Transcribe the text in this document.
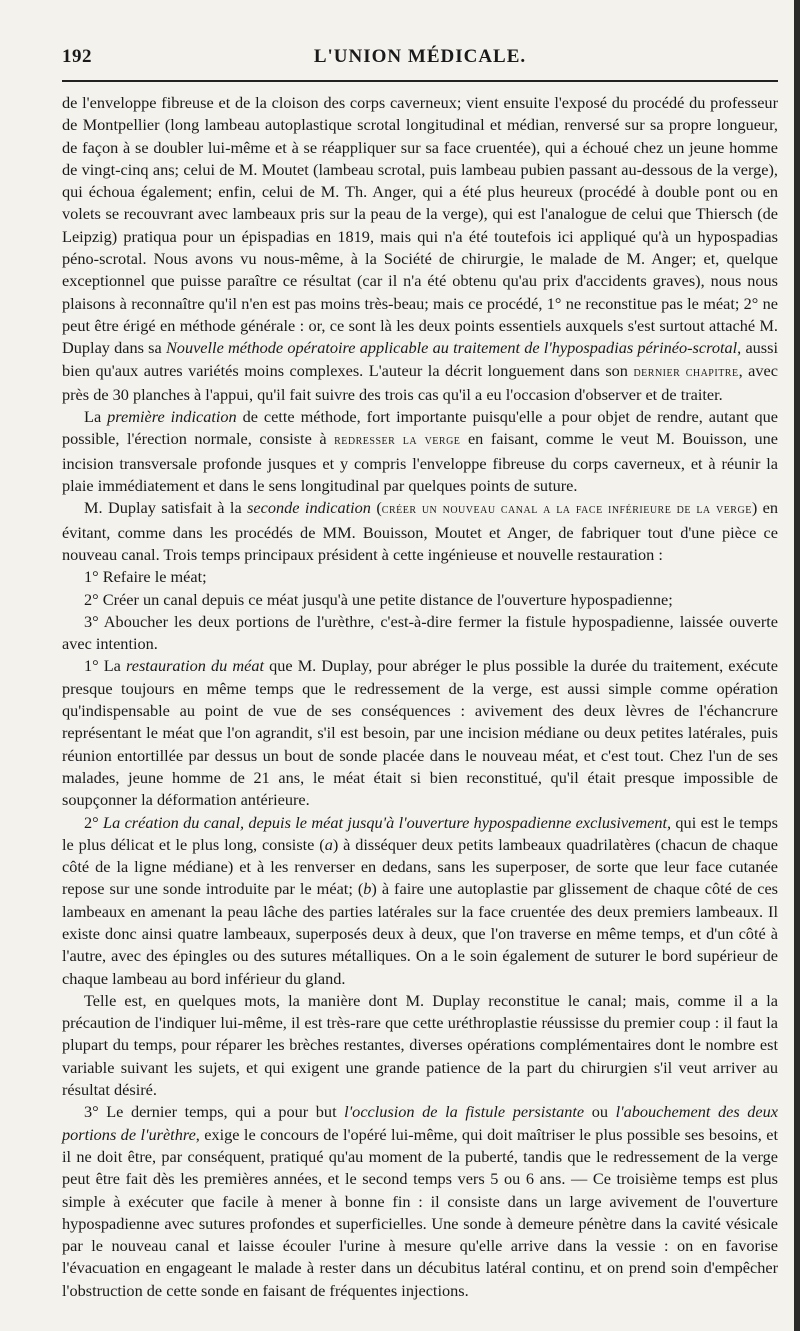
192	L'UNION MÉDICALE.

de l'enveloppe fibreuse et de la cloison des corps caverneux; vient ensuite l'exposé du procédé du professeur de Montpellier (long lambeau autoplastique scrotal longitudinal et médian, renversé sur sa propre longueur, de façon à se doubler lui-même et à se réappliquer sur sa face cruentée), qui a échoué chez un jeune homme de vingt-cinq ans; celui de M. Moutet (lambeau scrotal, puis lambeau pubien passant au-dessous de la verge), qui échoua également; enfin, celui de M. Th. Anger, qui a été plus heureux (procédé à double pont ou en volets se recouvrant avec lambeaux pris sur la peau de la verge), qui est l'analogue de celui que Thiersch (de Leipzig) pratiqua pour un épispadias en 1819, mais qui n'a été toutefois ici appliqué qu'à un hypospadias péno-scrotal. Nous avons vu nous-même, à la Société de chirurgie, le malade de M. Anger; et, quelque exceptionnel que puisse paraître ce résultat (car il n'a été obtenu qu'au prix d'accidents graves), nous nous plaisons à reconnaître qu'il n'en est pas moins très-beau; mais ce procédé, 1° ne reconstitue pas le méat; 2° ne peut être érigé en méthode générale : or, ce sont là les deux points essentiels auxquels s'est surtout attaché M. Duplay dans sa Nouvelle méthode opératoire applicable au traitement de l'hypospadias périnéo-scrotal, aussi bien qu'aux autres variétés moins complexes. L'auteur la décrit longuement dans son dernier chapitre, avec près de 30 planches à l'appui, qu'il fait suivre des trois cas qu'il a eu l'occasion d'observer et de traiter.

La première indication de cette méthode, fort importante puisqu'elle a pour objet de rendre, autant que possible, l'érection normale, consiste à redresser la verge en faisant, comme le veut M. Bouisson, une incision transversale profonde jusques et y compris l'enveloppe fibreuse du corps caverneux, et à réunir la plaie immédiatement et dans le sens longitudinal par quelques points de suture.

M. Duplay satisfait à la seconde indication (créer un nouveau canal a la face inférieure de la verge) en évitant, comme dans les procédés de MM. Bouisson, Moutet et Anger, de fabriquer tout d'une pièce ce nouveau canal. Trois temps principaux président à cette ingénieuse et nouvelle restauration :

1° Refaire le méat;

2° Créer un canal depuis ce méat jusqu'à une petite distance de l'ouverture hypospadienne;

3° Aboucher les deux portions de l'urèthre, c'est-à-dire fermer la fistule hypospadienne, laissée ouverte avec intention.

1° La restauration du méat que M. Duplay, pour abréger le plus possible la durée du traitement, exécute presque toujours en même temps que le redressement de la verge, est aussi simple comme opération qu'indispensable au point de vue de ses conséquences : avivement des deux lèvres de l'échancrure représentant le méat que l'on agrandit, s'il est besoin, par une incision médiane ou deux petites latérales, puis réunion entortillée par dessus un bout de sonde placée dans le nouveau méat, et c'est tout. Chez l'un de ses malades, jeune homme de 21 ans, le méat était si bien reconstitué, qu'il était presque impossible de soupçonner la déformation antérieure.

2° La création du canal, depuis le méat jusqu'à l'ouverture hypospadienne exclusivement, qui est le temps le plus délicat et le plus long, consiste (a) à disséquer deux petits lambeaux quadrilatères (chacun de chaque côté de la ligne médiane) et à les renverser en dedans, sans les superposer, de sorte que leur face cutanée repose sur une sonde introduite par le méat; (b) à faire une autoplastie par glissement de chaque côté de ces lambeaux en amenant la peau lâche des parties latérales sur la face cruentée des deux premiers lambeaux. Il existe donc ainsi quatre lambeaux, superposés deux à deux, que l'on traverse en même temps, et d'un côté à l'autre, avec des épingles ou des sutures métalliques. On a le soin également de suturer le bord supérieur de chaque lambeau au bord inférieur du gland.

Telle est, en quelques mots, la manière dont M. Duplay reconstitue le canal; mais, comme il a la précaution de l'indiquer lui-même, il est très-rare que cette uréthroplastie réussisse du premier coup : il faut la plupart du temps, pour réparer les brèches restantes, diverses opérations complémentaires dont le nombre est variable suivant les sujets, et qui exigent une grande patience de la part du chirurgien s'il veut arriver au résultat désiré.

3° Le dernier temps, qui a pour but l'occlusion de la fistule persistante ou l'abouchement des deux portions de l'urèthre, exige le concours de l'opéré lui-même, qui doit maîtriser le plus possible ses besoins, et il ne doit être, par conséquent, pratiqué qu'au moment de la puberté, tandis que le redressement de la verge peut être fait dès les premières années, et le second temps vers 5 ou 6 ans. — Ce troisième temps est plus simple à exécuter que facile à mener à bonne fin : il consiste dans un large avivement de l'ouverture hypospadienne avec sutures profondes et superficielles. Une sonde à demeure pénètre dans la cavité vésicale par le nouveau canal et laisse écouler l'urine à mesure qu'elle arrive dans la vessie : on en favorise l'évacuation en engageant le malade à rester dans un décubitus latéral continu, et on prend soin d'empêcher l'obstruction de cette sonde en faisant de fréquentes injections.
